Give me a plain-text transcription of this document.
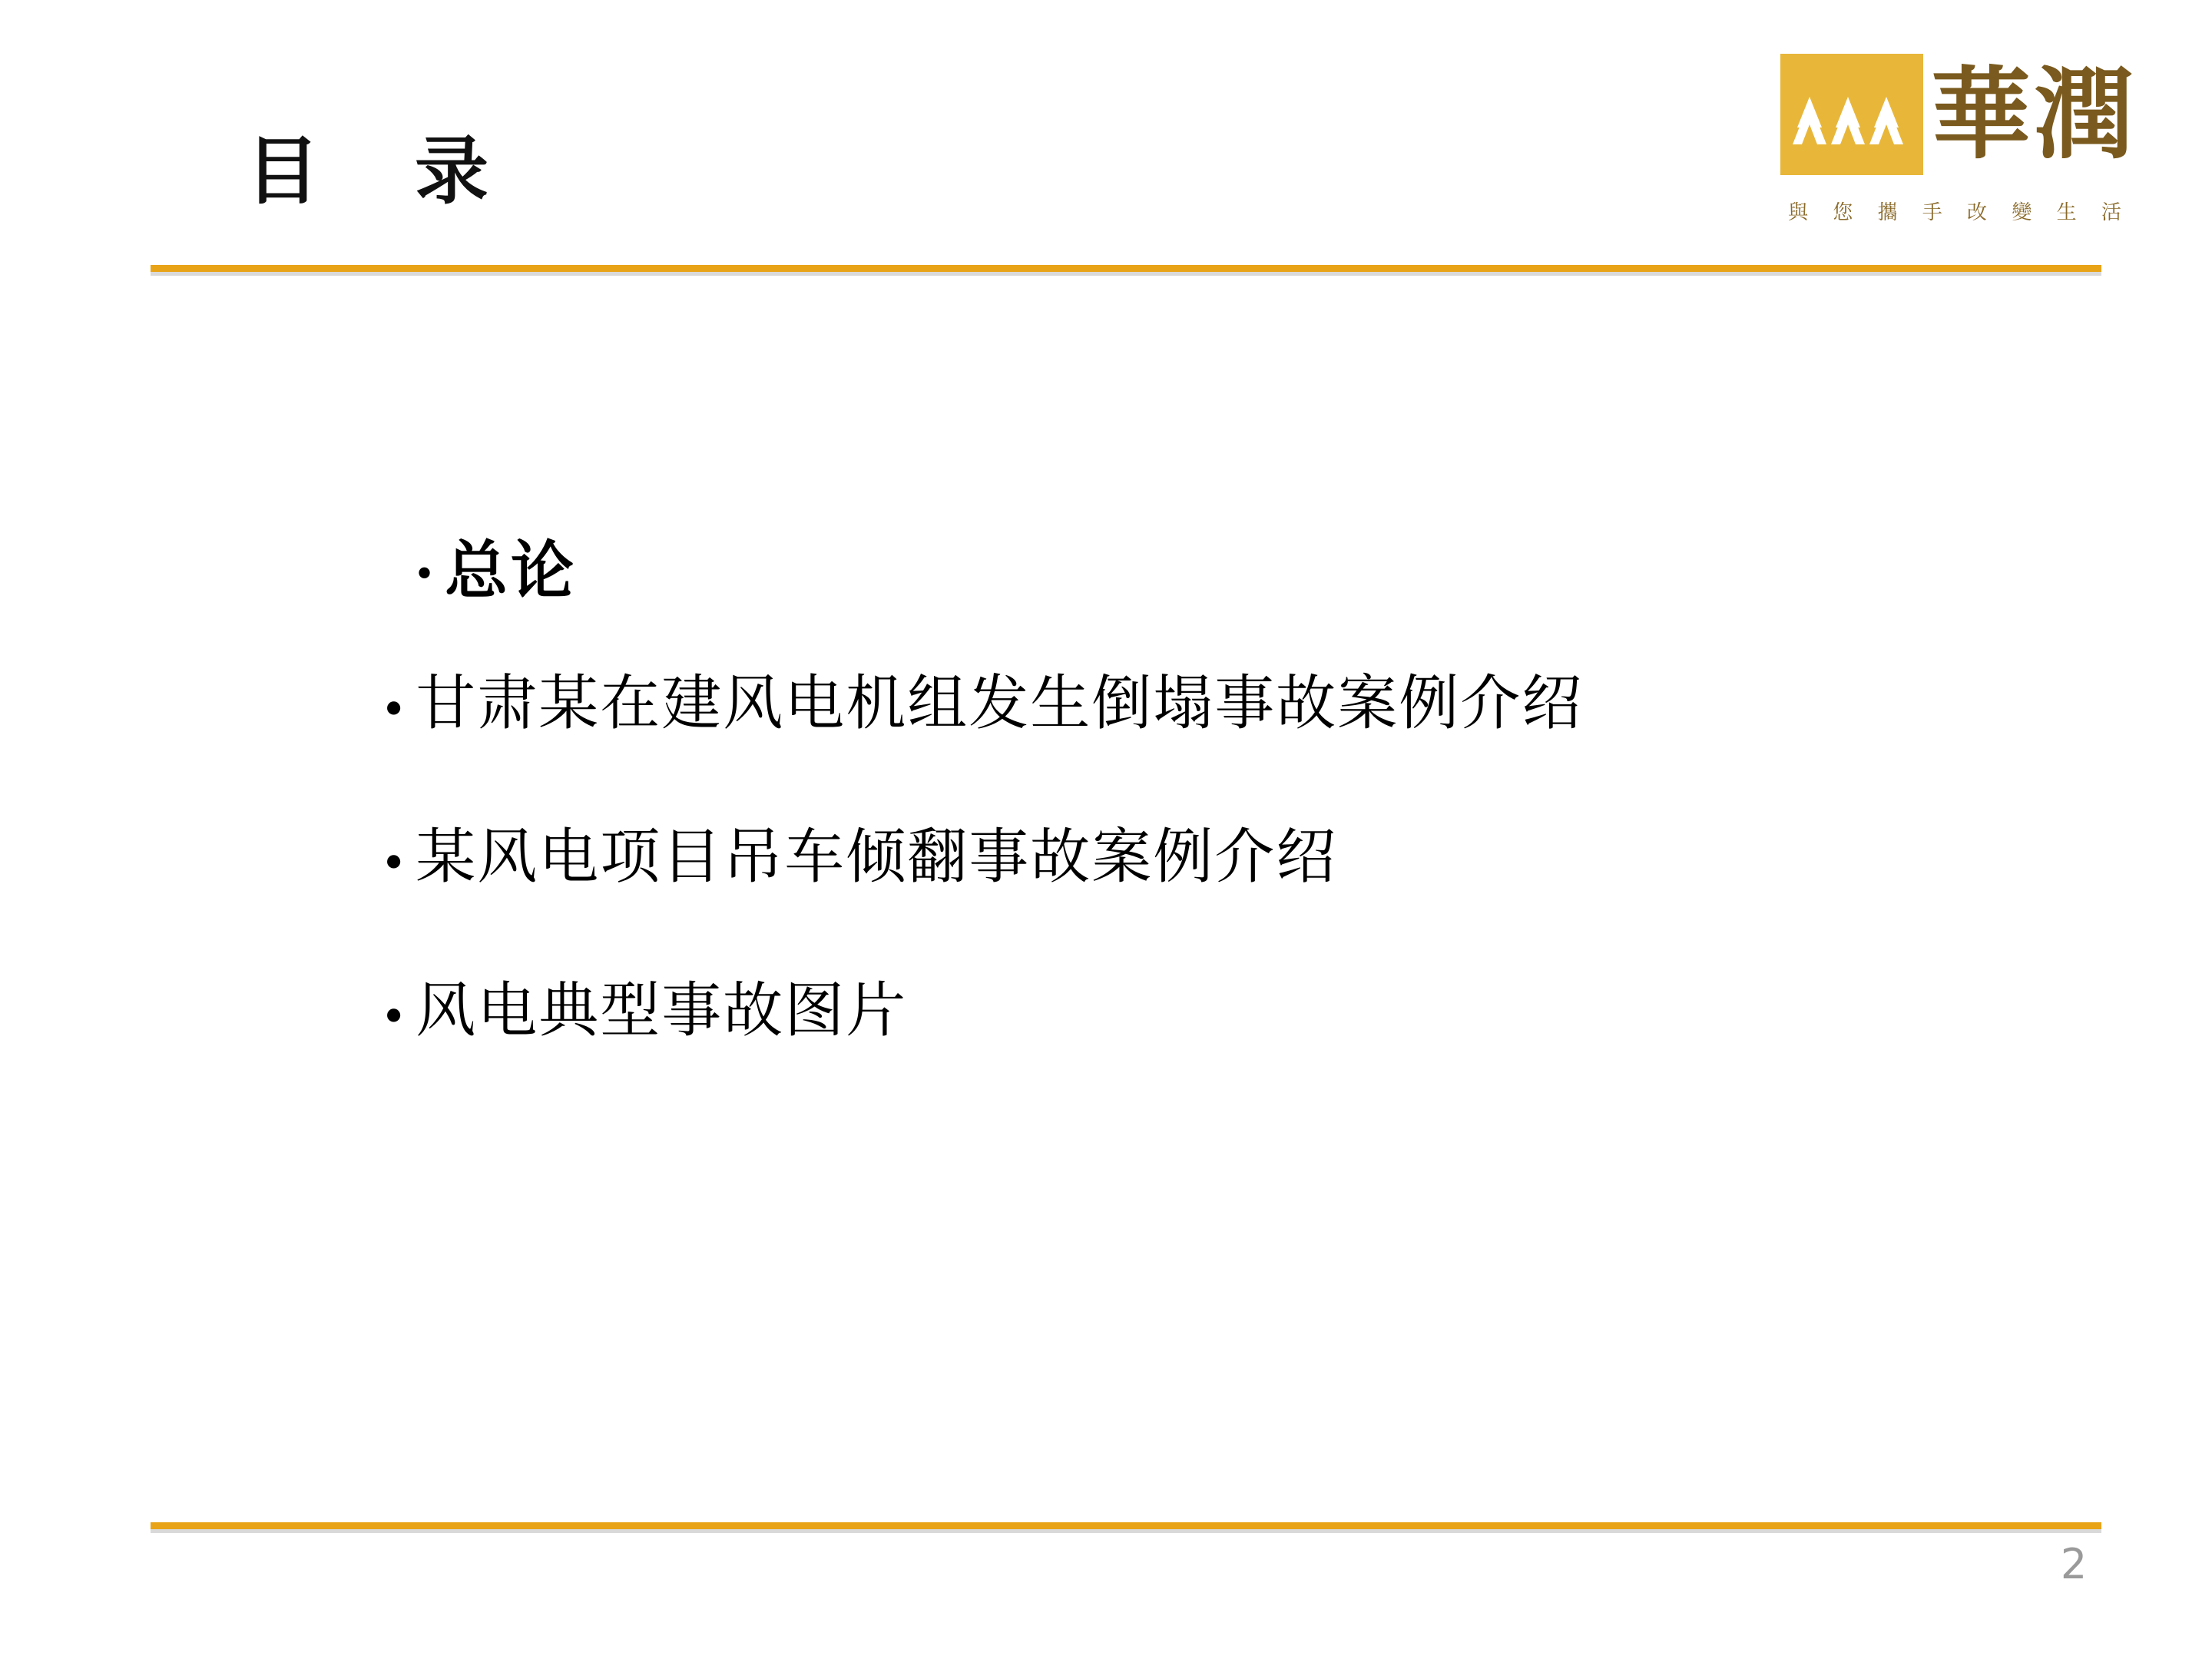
目　录	華潤
與 您 攜 手 改 變 生 活
• 总论
• 甘肃某在建风电机组发生倒塌事故案例介绍
• 某风电项目吊车倾翻事故案例介绍
• 风电典型事故图片
2
